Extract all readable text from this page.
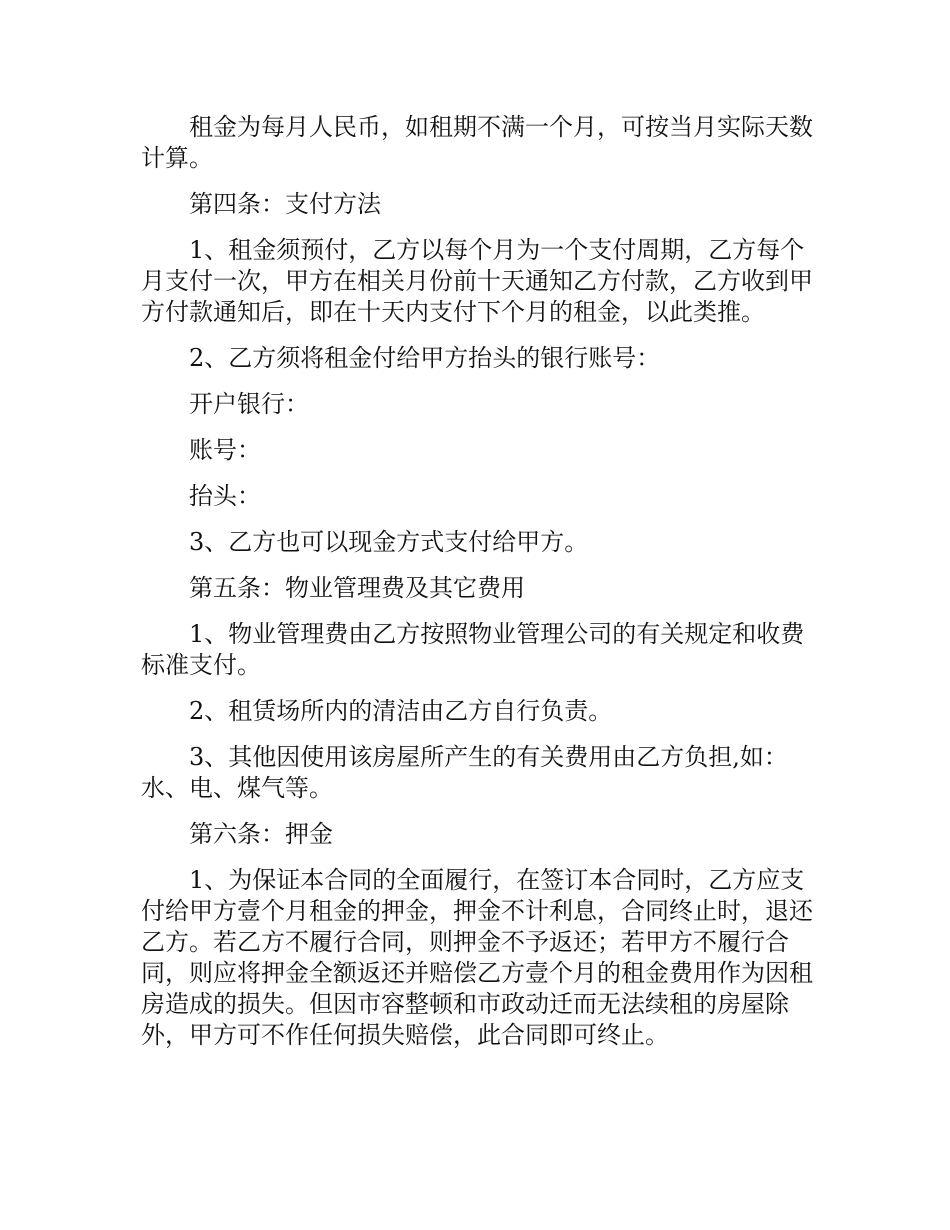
租金为每月人民币，如租期不满一个月，可按当月实际天数计算。

第四条：支付方法

1、租金须预付，乙方以每个月为一个支付周期，乙方每个月支付一次，甲方在相关月份前十天通知乙方付款，乙方收到甲方付款通知后，即在十天内支付下个月的租金，以此类推。

2、乙方须将租金付给甲方抬头的银行账号：

开户银行：

账号：

抬头：

3、乙方也可以现金方式支付给甲方。

第五条：物业管理费及其它费用

1、物业管理费由乙方按照物业管理公司的有关规定和收费标准支付。

2、租赁场所内的清洁由乙方自行负责。

3、其他因使用该房屋所产生的有关费用由乙方负担,如：水、电、煤气等。

第六条：押金

1、为保证本合同的全面履行，在签订本合同时，乙方应支付给甲方壹个月租金的押金，押金不计利息，合同终止时，退还乙方。若乙方不履行合同，则押金不予返还；若甲方不履行合同，则应将押金全额返还并赔偿乙方壹个月的租金费用作为因租房造成的损失。但因市容整顿和市政动迁而无法续租的房屋除外，甲方可不作任何损失赔偿，此合同即可终止。
